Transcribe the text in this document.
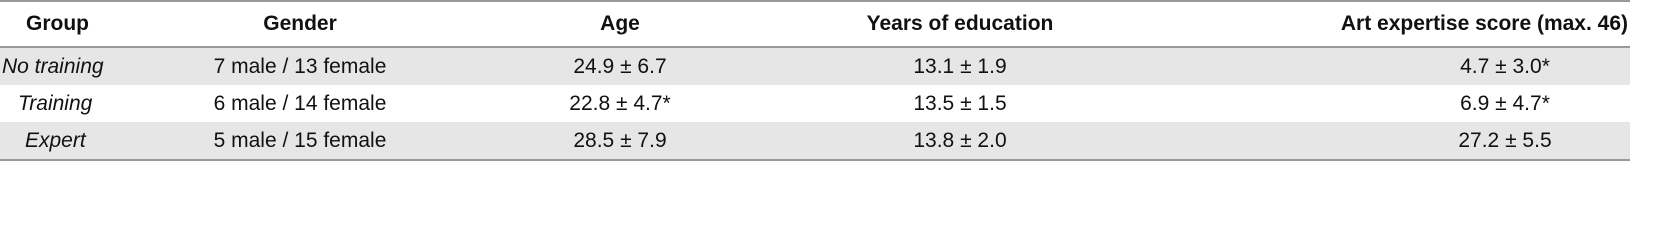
Group	Gender	Age	Years of education	Art expertise score (max. 46)
No training	7 male / 13 female	24.9 ± 6.7	13.1 ± 1.9	4.7 ± 3.0*
Training	6 male / 14 female	22.8 ± 4.7*	13.5 ± 1.5	6.9 ± 4.7*
Expert	5 male / 15 female	28.5 ± 7.9	13.8 ± 2.0	27.2 ± 5.5
